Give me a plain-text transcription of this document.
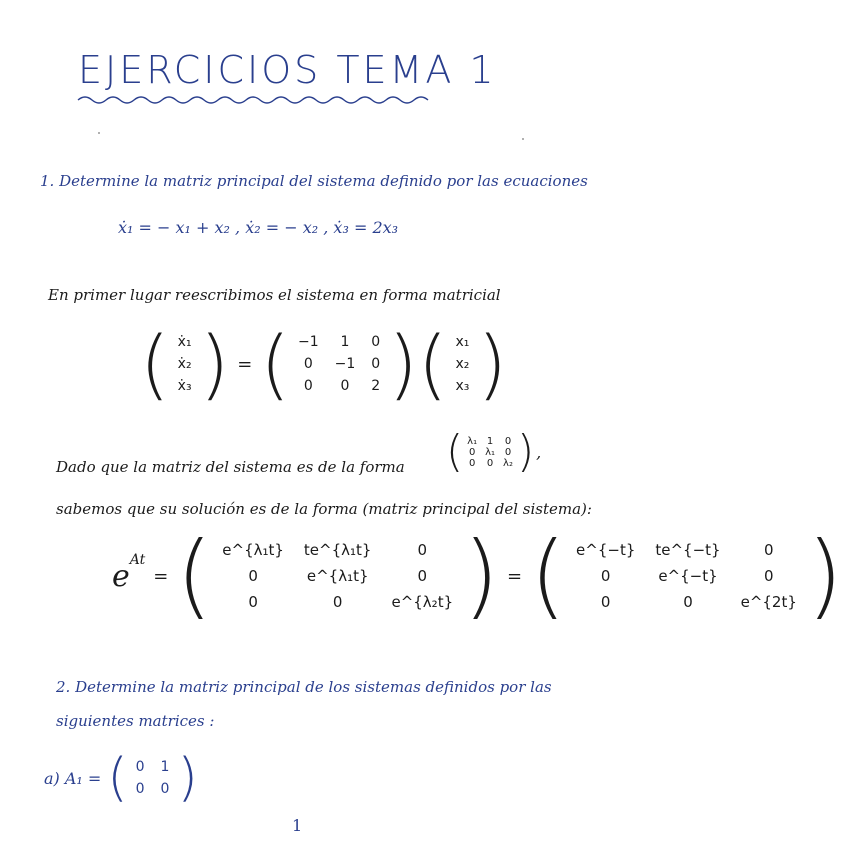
EJERCICIOS TEMA 1
1. Determine la matriz principal del sistema definido por las ecuaciones
ẋ₁ = − x₁ + x₂ , ẋ₂ = − x₂ , ẋ₃ = 2x₃
En primer lugar reescribimos el sistema en forma matricial
( ẋ₁
ẋ₂
ẋ₃ ) = ( −1	1	0
0	−1	0
0	0	2 ) ( x₁
x₂
x₃ )
Dado que la matriz del sistema es de la forma ( λ₁ 1	0
0 λ₁ 0
0	0 λ₂ ) ,
sabemos que su solución es de la forma (matriz principal del sistema):
e At
= ( e^{λ₁t}	te^{λ₁t}	0
0	e^{λ₁t}	0
0	0	e^{λ₂t} ) = ( e^{−t}	te^{−t}	0
0	e^{−t}	0
0	0	e^{2t} )
2. Determine la matriz principal de los sistemas definidos por las
siguientes matrices :
a) A₁ = ( 0	1
0	0 )
1
